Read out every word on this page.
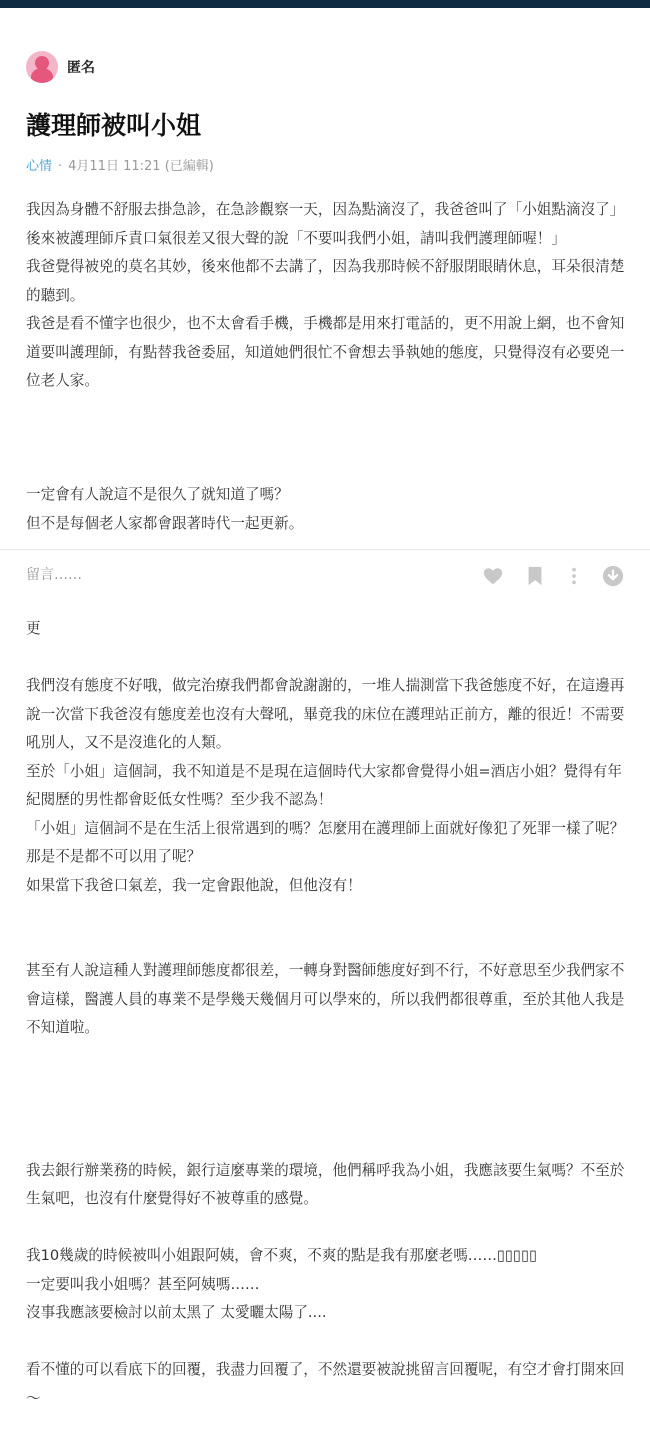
匿名
護理師被叫小姐
心情 · 4月11日 11:21 (已編輯)

我因為身體不舒服去掛急診，在急診觀察一天，因為點滴沒了，我爸爸叫了「小姐點滴沒了」

後來被護理師斥責口氣很差又很大聲的說「不要叫我們小姐，請叫我們護理師喔！」

我爸覺得被兇的莫名其妙，後來他都不去講了，因為我那時候不舒服閉眼睛休息，耳朵很清楚的聽到。

我爸是看不懂字也很少，也不太會看手機，手機都是用來打電話的，更不用說上網，也不會知道要叫護理師，有點替我爸委屈，知道她們很忙不會想去爭執她的態度，只覺得沒有必要兇一位老人家。

一定會有人說這不是很久了就知道了嗎？

但不是每個老人家都會跟著時代一起更新。

留言……

更

我們沒有態度不好哦，做完治療我們都會說謝謝的，一堆人揣測當下我爸態度不好，在這邊再說一次當下我爸沒有態度差也沒有大聲吼，畢竟我的床位在護理站正前方，離的很近！不需要吼別人，又不是沒進化的人類。

至於「小姐」這個詞，我不知道是不是現在這個時代大家都會覺得小姐=酒店小姐？覺得有年紀閱歷的男性都會貶低女性嗎？至少我不認為！

「小姐」這個詞不是在生活上很常遇到的嗎？怎麼用在護理師上面就好像犯了死罪一樣了呢？

那是不是都不可以用了呢？

如果當下我爸口氣差，我一定會跟他說，但他沒有！

甚至有人說這種人對護理師態度都很差，一轉身對醫師態度好到不行，不好意思至少我們家不會這樣，醫護人員的專業不是學幾天幾個月可以學來的，所以我們都很尊重，至於其他人我是不知道啦。

我去銀行辦業務的時候，銀行這麼專業的環境，他們稱呼我為小姐，我應該要生氣嗎？不至於生氣吧，也沒有什麼覺得好不被尊重的感覺。

我10幾歲的時候被叫小姐跟阿姨，會不爽，不爽的點是我有那麼老嗎……▯▯▯▯▯

一定要叫我小姐嗎？甚至阿姨嗎……

沒事我應該要檢討以前太黑了 太愛曬太陽了....

看不懂的可以看底下的回覆，我盡力回覆了，不然還要被說挑留言回覆呢，有空才會打開來回～
